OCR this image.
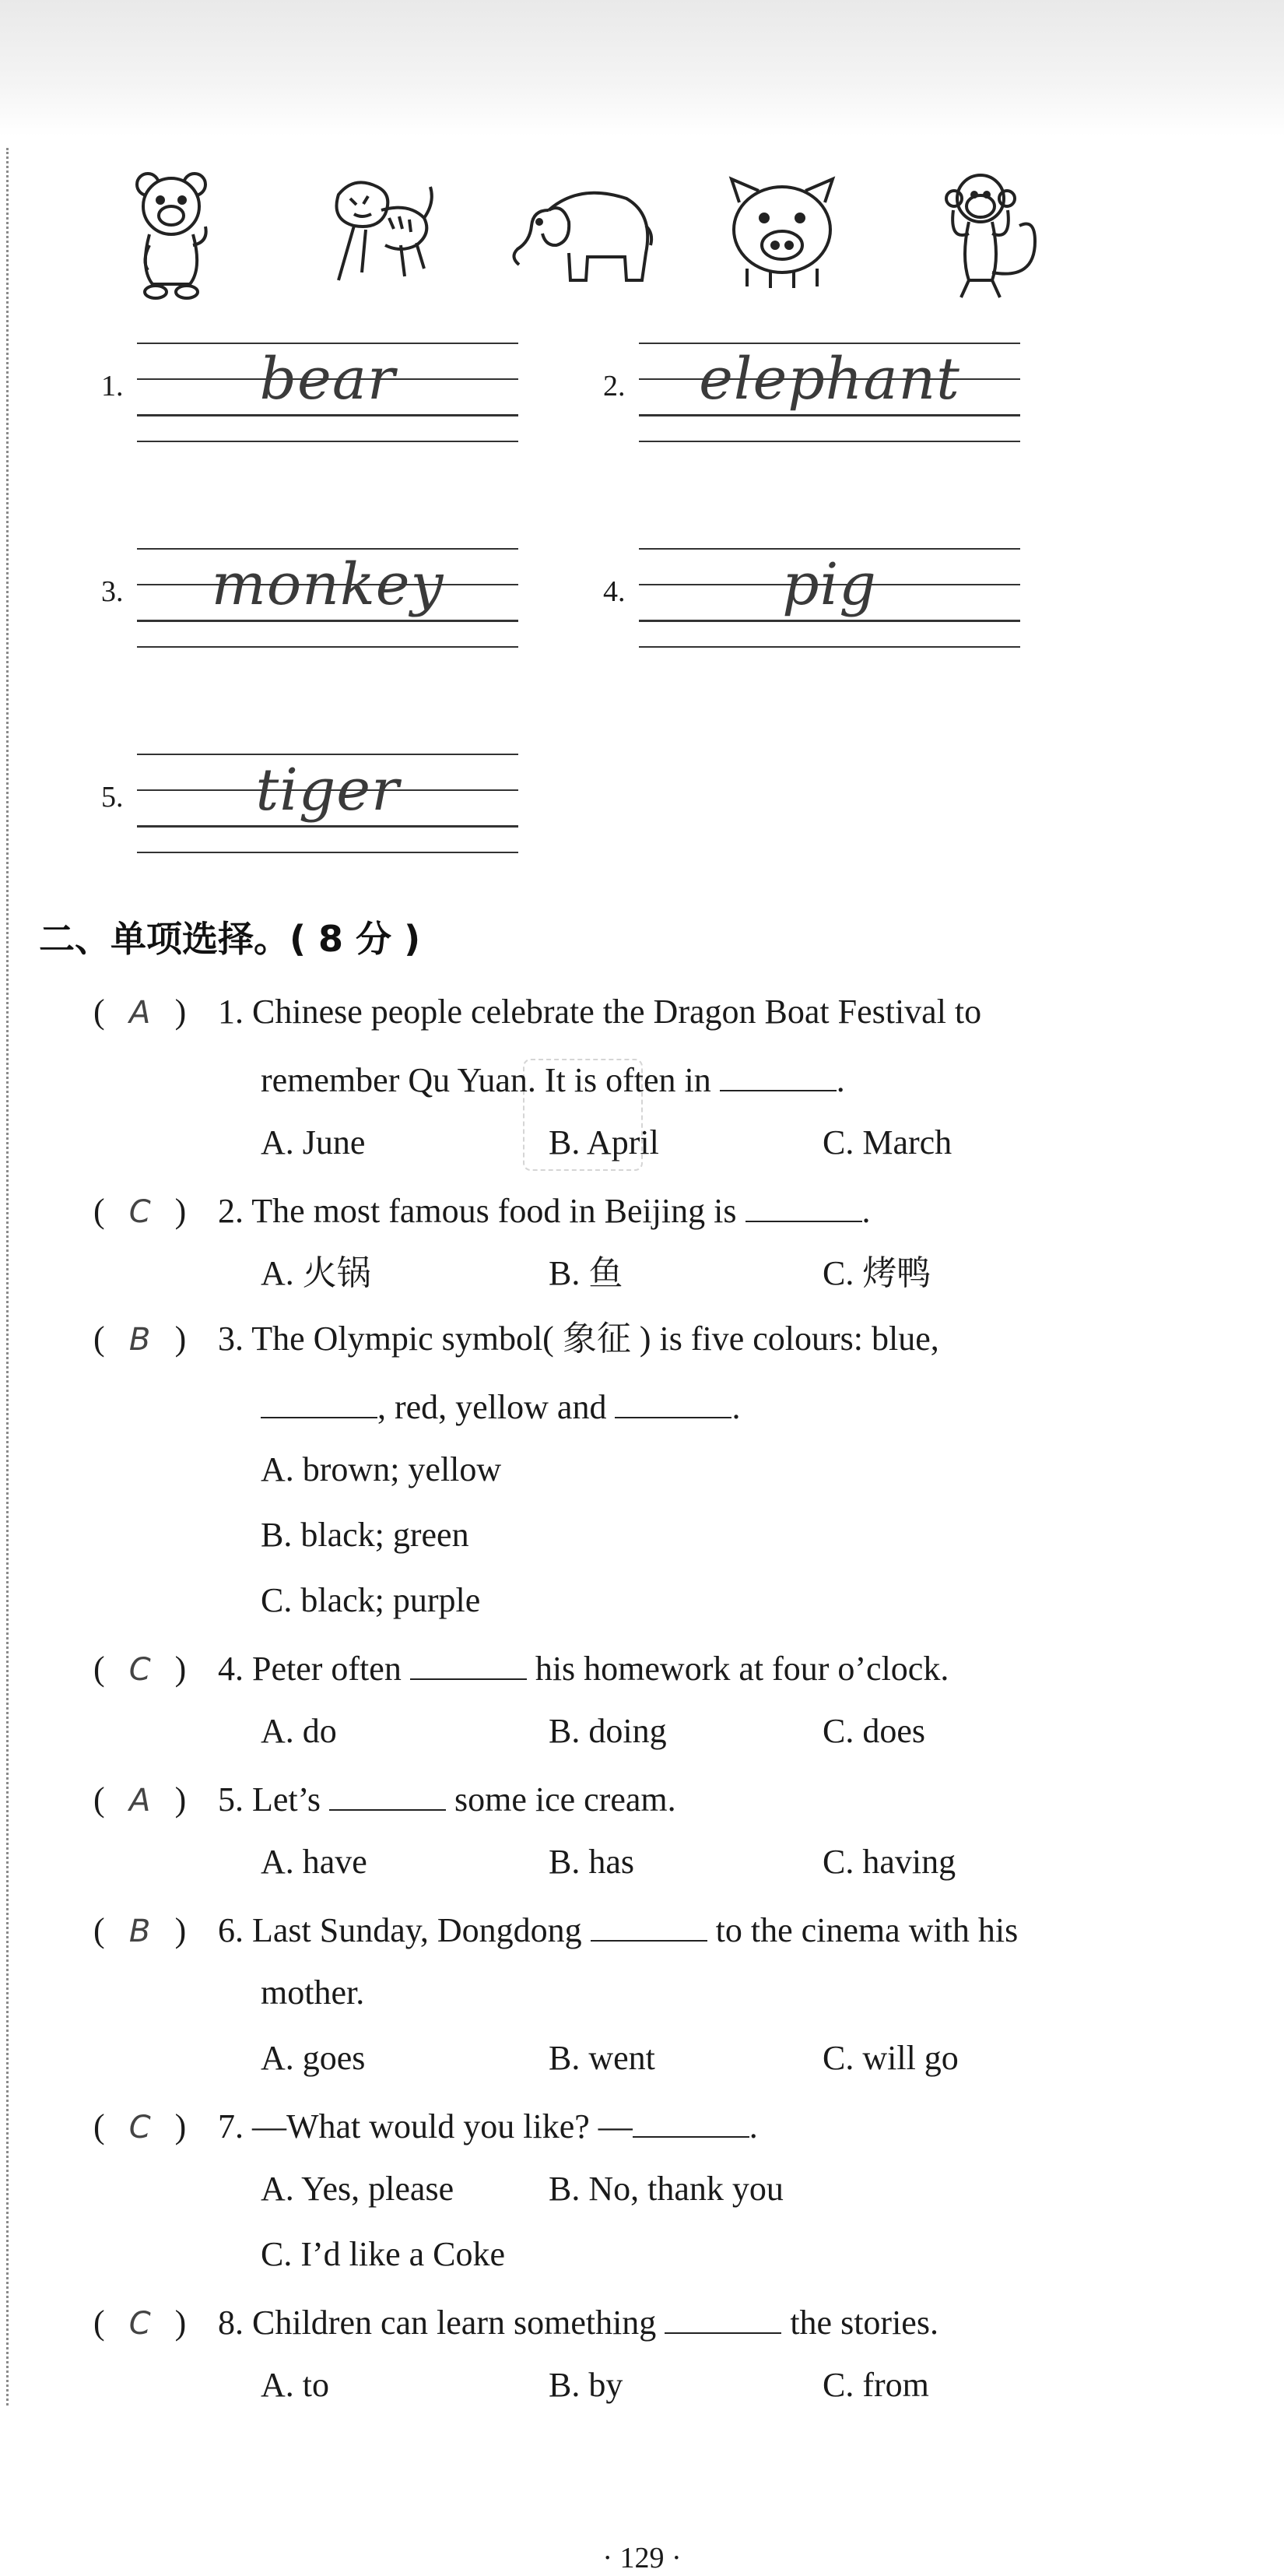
1.	bear	2.	elephant
3.	monkey	4.	pig
5.	tiger
二、单项选择。( 8 分 )
( A ) 1. Chinese people celebrate the Dragon Boat Festival to
remember Qu Yuan. It is often in	.
A. June	B. April	C. March
( C ) 2. The most famous food in Beijing is	.
A. 火锅	B. 鱼	C. 烤鸭
( B ) 3. The Olympic symbol( 象征 ) is five colours: blue,
, red, yellow and	.
A. brown; yellow
B. black; green
C. black; purple
( C ) 4. Peter often	his homework at four o’clock.
A. do	B. doing	C. does
( A ) 5. Let’s	some ice cream.
A. have	B. has	C. having
( B ) 6. Last Sunday, Dongdong	to the cinema with his
mother.
A. goes	B. went	C. will go
( C ) 7. —What would you like? —	.
A. Yes, please	B. No, thank you
C. I’d like a Coke
( C ) 8. Children can learn something	the stories.
A. to	B. by	C. from
· 129 ·
